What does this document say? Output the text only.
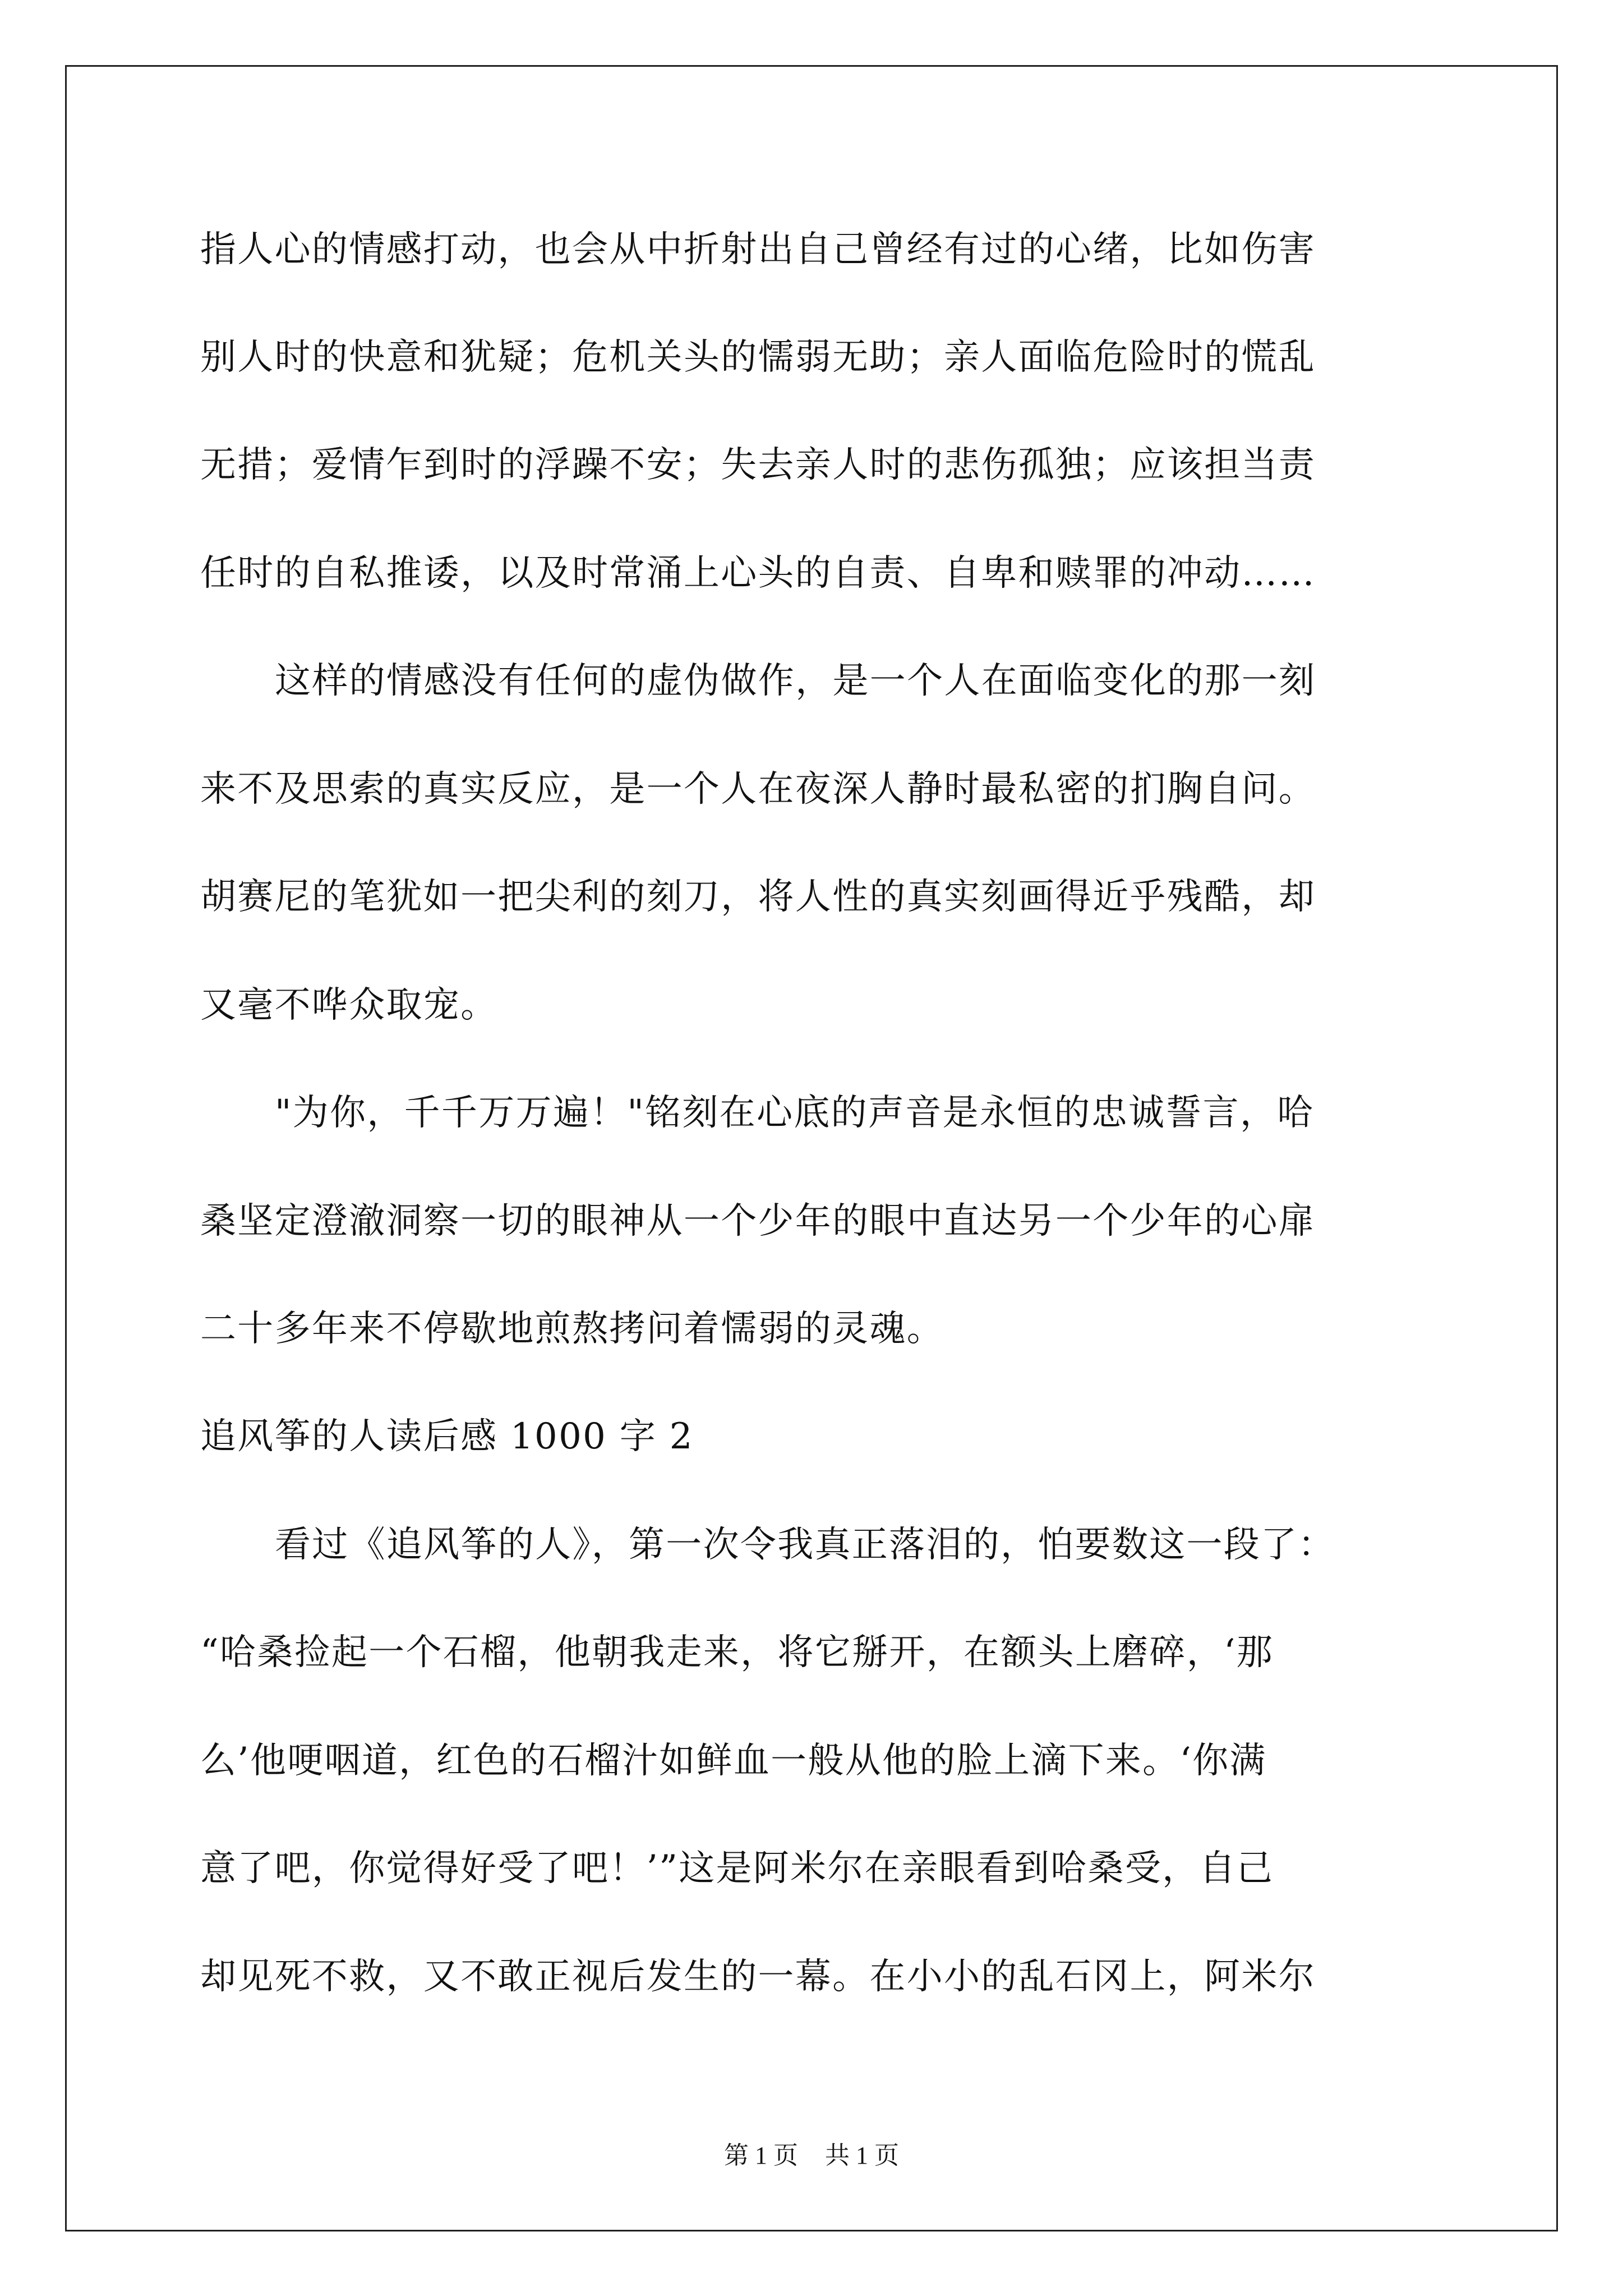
指人心的情感打动，也会从中折射出自己曾经有过的心绪，比如伤害
别人时的快意和犹疑；危机关头的懦弱无助；亲人面临危险时的慌乱
无措；爱情乍到时的浮躁不安；失去亲人时的悲伤孤独；应该担当责
任时的自私推诿，以及时常涌上心头的自责、自卑和赎罪的冲动……
这样的情感没有任何的虚伪做作，是一个人在面临变化的那一刻
来不及思索的真实反应，是一个人在夜深人静时最私密的扪胸自问。
胡赛尼的笔犹如一把尖利的刻刀，将人性的真实刻画得近乎残酷，却
又毫不哗众取宠。
"为你，千千万万遍！"铭刻在心底的声音是永恒的忠诚誓言，哈
桑坚定澄澈洞察一切的眼神从一个少年的眼中直达另一个少年的心扉
二十多年来不停歇地煎熬拷问着懦弱的灵魂。
追风筝的人读后感 1000 字 2
看过《追风筝的人》，第一次令我真正落泪的，怕要数这一段了：
“哈桑捡起一个石榴，他朝我走来，将它掰开，在额头上磨碎，‘那
么’他哽咽道，红色的石榴汁如鲜血一般从他的脸上滴下来。‘你满
意了吧，你觉得好受了吧！’”这是阿米尔在亲眼看到哈桑受，自己
却见死不救，又不敢正视后发生的一幕。在小小的乱石冈上，阿米尔
第 1 页 共 1 页
